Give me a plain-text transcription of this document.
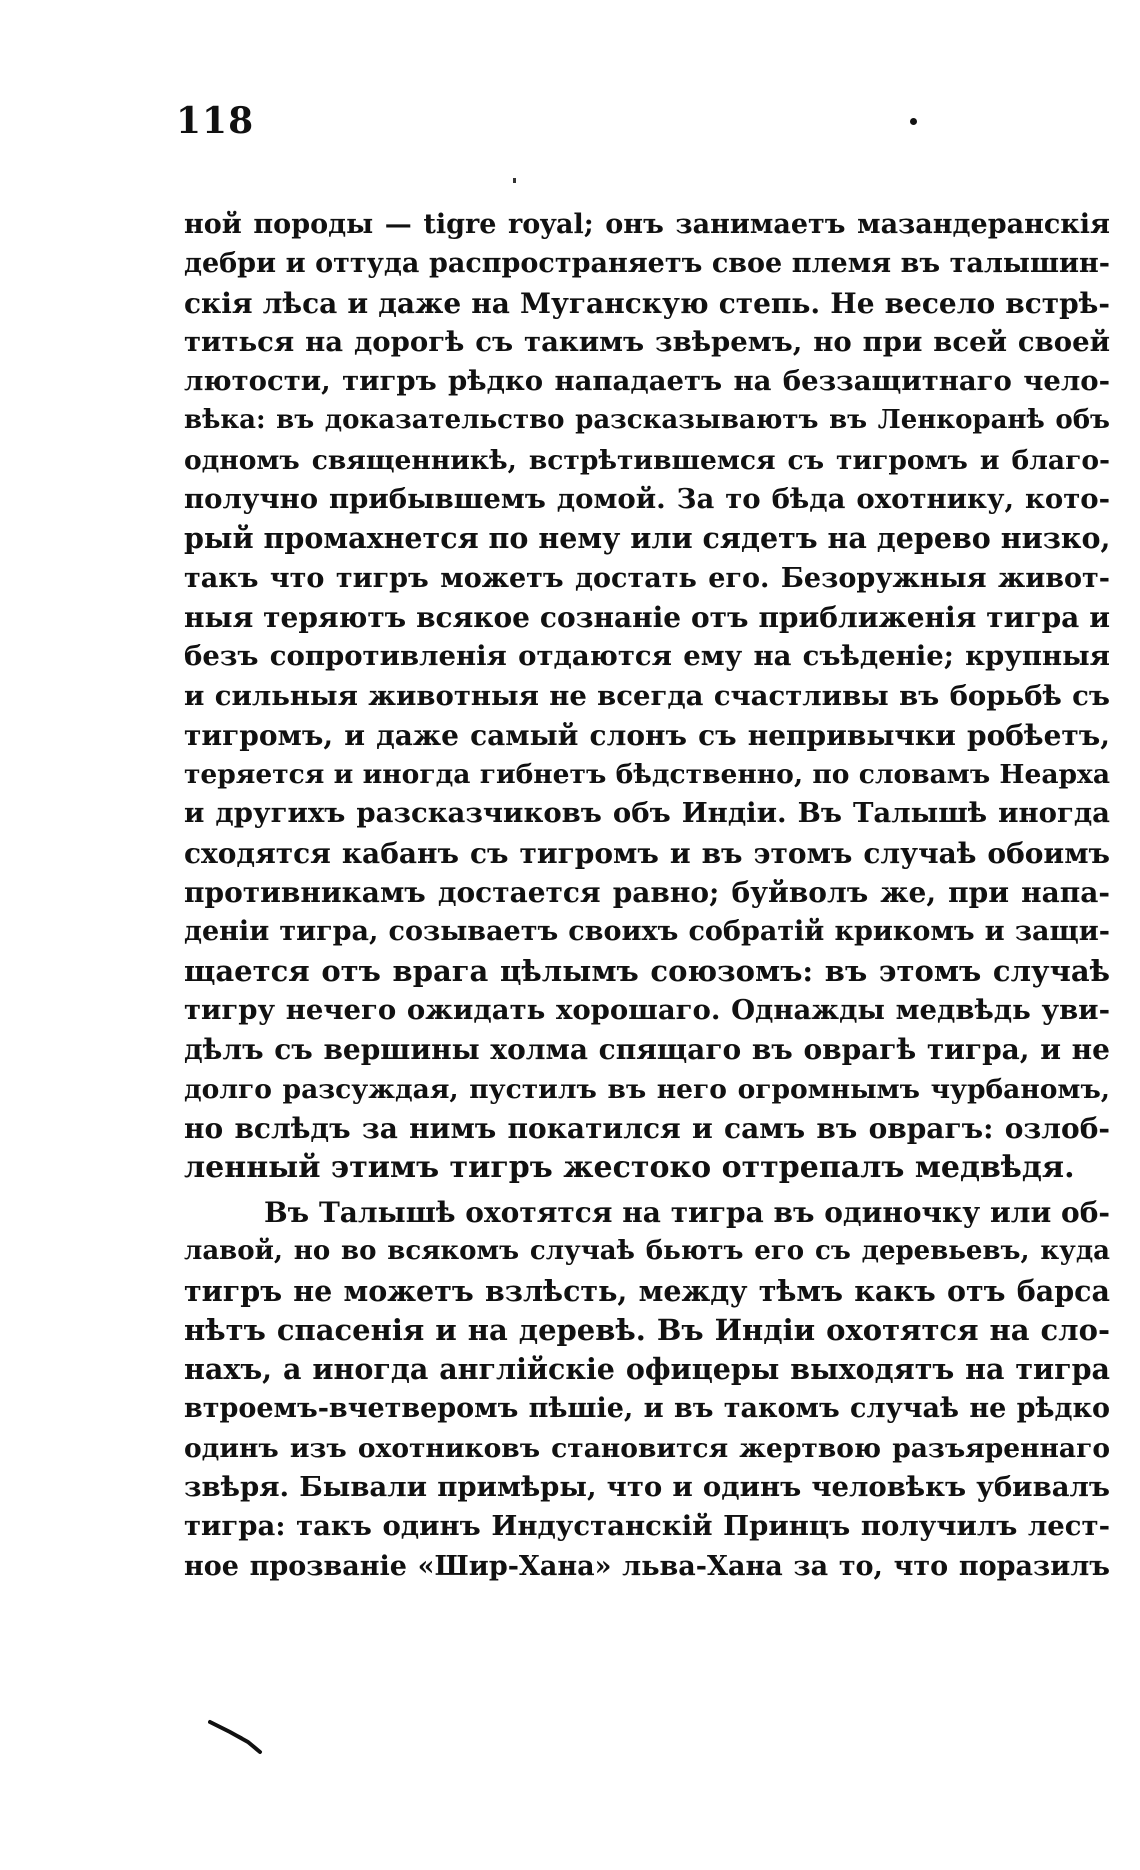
118
ной породы — tigre royal; онъ занимаетъ мазандеранскія
дебри и оттуда распространяетъ свое племя въ талышин-
скія лѣса и даже на Муганскую степь. Не весело встрѣ-
титься на дорогѣ съ такимъ звѣремъ, но при всей своей
лютости, тигръ рѣдко нападаетъ на беззащитнаго чело-
вѣка: въ доказательство разсказываютъ въ Ленкоранѣ объ
одномъ священникѣ, встрѣтившемся съ тигромъ и благо-
получно прибывшемъ домой. За то бѣда охотнику, кото-
рый промахнется по нему или сядетъ на дерево низко,
такъ что тигръ можетъ достать его. Безоружныя живот-
ныя теряютъ всякое сознаніе отъ приближенія тигра и
безъ сопротивленія отдаются ему на съѣденіе; крупныя
и сильныя животныя не всегда счастливы въ борьбѣ съ
тигромъ, и даже самый слонъ съ непривычки робѣетъ,
теряется и иногда гибнетъ бѣдственно, по словамъ Неарха
и другихъ разсказчиковъ объ Индіи. Въ Талышѣ иногда
сходятся кабанъ съ тигромъ и въ этомъ случаѣ обоимъ
противникамъ достается равно; буйволъ же, при напа-
деніи тигра, созываетъ своихъ собратій крикомъ и защи-
щается отъ врага цѣлымъ союзомъ: въ этомъ случаѣ
тигру нечего ожидать хорошаго. Однажды медвѣдь уви-
дѣлъ съ вершины холма спящаго въ оврагѣ тигра, и не
долго разсуждая, пустилъ въ него огромнымъ чурбаномъ,
но вслѣдъ за нимъ покатился и самъ въ оврагъ: озлоб-
ленный этимъ тигръ жестоко оттрепалъ медвѣдя.
Въ Талышѣ охотятся на тигра въ одиночку или об-
лавой, но во всякомъ случаѣ бьютъ его съ деревьевъ, куда
тигръ не можетъ взлѣсть, между тѣмъ какъ отъ барса
нѣтъ спасенія и на деревѣ. Въ Индіи охотятся на сло-
нахъ, а иногда англійскіе офицеры выходятъ на тигра
втроемъ-вчетверомъ пѣшіе, и въ такомъ случаѣ не рѣдко
одинъ изъ охотниковъ становится жертвою разъяреннаго
звѣря. Бывали примѣры, что и одинъ человѣкъ убивалъ
тигра: такъ одинъ Индустанскій Принцъ получилъ лест-
ное прозваніе «Шир-Хана» льва-Хана за то, что поразилъ
